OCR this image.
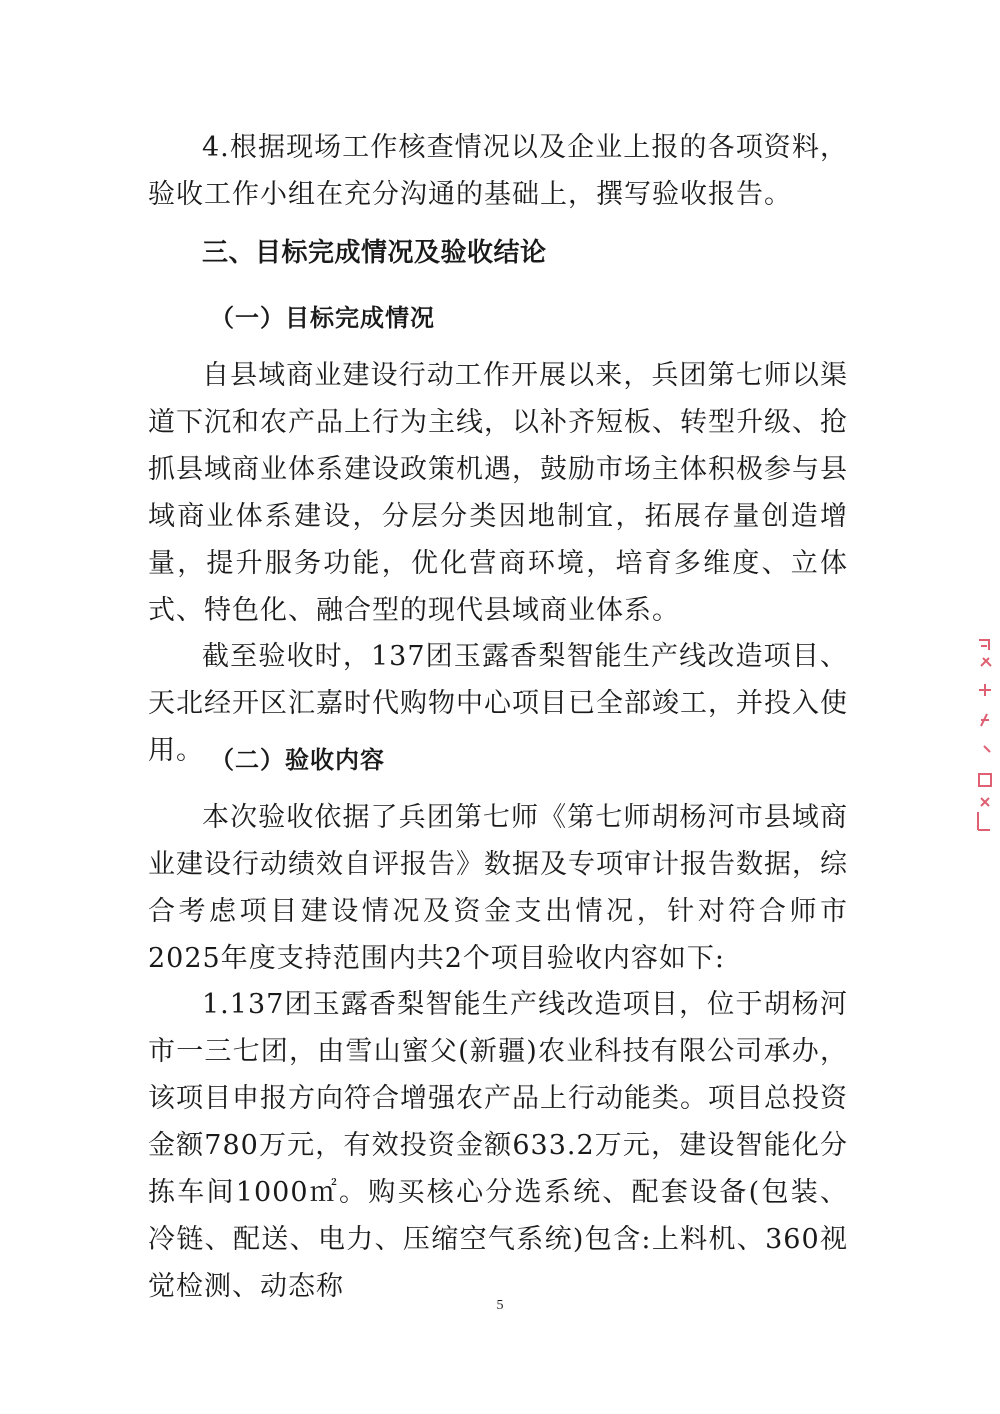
4.根据现场工作核查情况以及企业上报的各项资料，验收工作小组在充分沟通的基础上，撰写验收报告。

三、目标完成情况及验收结论
（一）目标完成情况

自县域商业建设行动工作开展以来，兵团第七师以渠道下沉和农产品上行为主线，以补齐短板、转型升级、抢抓县域商业体系建设政策机遇，鼓励市场主体积极参与县域商业体系建设，分层分类因地制宜，拓展存量创造增量，提升服务功能，优化营商环境，培育多维度、立体式、特色化、融合型的现代县域商业体系。

截至验收时，137团玉露香梨智能生产线改造项目、天北经开区汇嘉时代购物中心项目已全部竣工，并投入使用。 （二）验收内容

本次验收依据了兵团第七师《第七师胡杨河市县域商业建设行动绩效自评报告》数据及专项审计报告数据，综合考虑项目建设情况及资金支出情况，针对符合师市2025年度支持范围内共2个项目验收内容如下:

1.137团玉露香梨智能生产线改造项目，位于胡杨河市一三七团，由雪山蜜父(新疆)农业科技有限公司承办，该项目申报方向符合增强农产品上行动能类。项目总投资金额780万元，有效投资金额633.2万元，建设智能化分拣车间1000㎡。购买核心分选系统、配套设备(包装、冷链、配送、电力、压缩空气系统)包含:上料机、360视觉检测、动态称

5
